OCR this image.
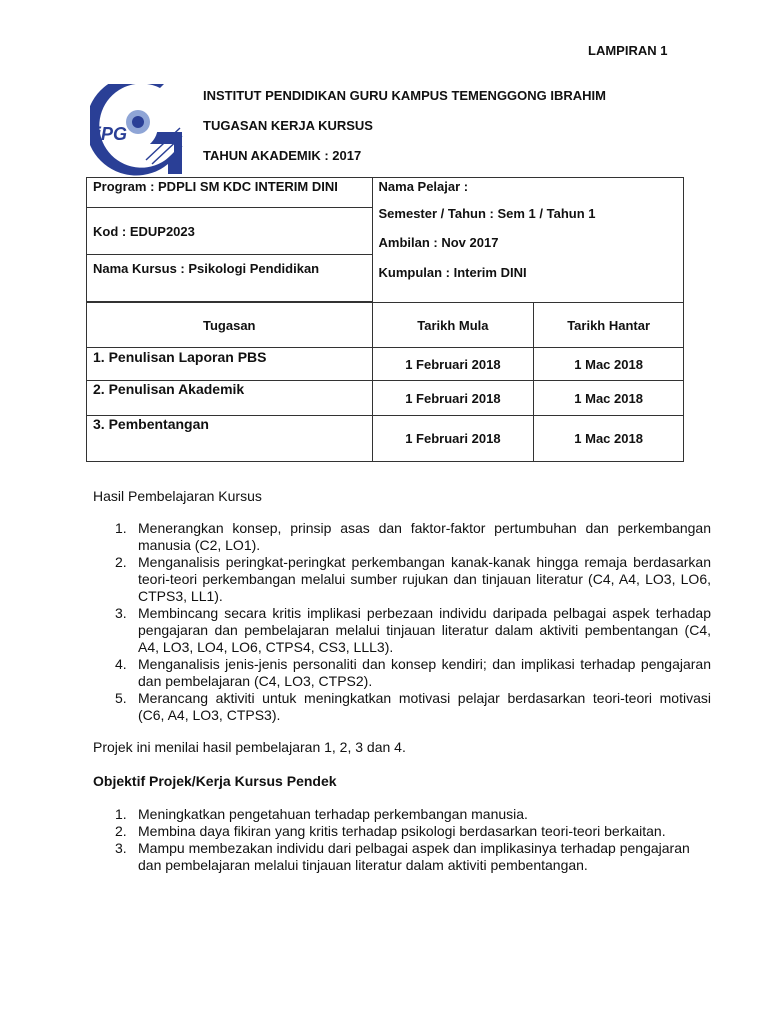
LAMPIRAN 1
iPG
INSTITUT PENDIDIKAN GURU KAMPUS TEMENGGONG IBRAHIM
TUGASAN KERJA KURSUS
TAHUN AKADEMIK : 2017
Program : PDPLI SM KDC INTERIM DINI	Nama Pelajar :
Semester / Tahun : Sem 1 / Tahun 1
Ambilan : Nov 2017
Kumpulan : Interim DINI	

Kod : EDUP2023		
Nama Kursus : Psikologi Pendidikan		

Tugasan	Tarikh Mula	Tarikh Hantar
1. Penulisan Laporan PBS	1 Februari 2018	1 Mac 2018
2. Penulisan Akademik	1 Februari 2018	1 Mac 2018
3. Pembentangan	1 Februari 2018	1 Mac 2018
Hasil Pembelajaran Kursus
1. Menerangkan konsep, prinsip asas dan faktor-faktor pertumbuhan dan perkembangan manusia (C2, LO1).
2. Menganalisis peringkat-peringkat perkembangan kanak-kanak hingga remaja berdasarkan teori-teori perkembangan melalui sumber rujukan dan tinjauan literatur (C4, A4, LO3, LO6, CTPS3, LL1).
3. Membincang secara kritis implikasi perbezaan individu daripada pelbagai aspek terhadap pengajaran dan pembelajaran melalui tinjauan literatur dalam aktiviti pembentangan (C4, A4, LO3, LO4, LO6, CTPS4, CS3, LLL3).
4. Menganalisis jenis-jenis personaliti dan konsep kendiri; dan implikasi terhadap pengajaran dan pembelajaran (C4, LO3, CTPS2).
5. Merancang aktiviti untuk meningkatkan motivasi pelajar berdasarkan teori-teori motivasi (C6, A4, LO3, CTPS3).
Projek ini menilai hasil pembelajaran 1, 2, 3 dan 4.
Objektif Projek/Kerja Kursus Pendek
1. Meningkatkan pengetahuan terhadap perkembangan manusia.
2. Membina daya fikiran yang kritis terhadap psikologi berdasarkan teori-teori berkaitan.
3. Mampu membezakan individu dari pelbagai aspek dan implikasinya terhadap pengajaran dan pembelajaran melalui tinjauan literatur dalam aktiviti pembentangan.
